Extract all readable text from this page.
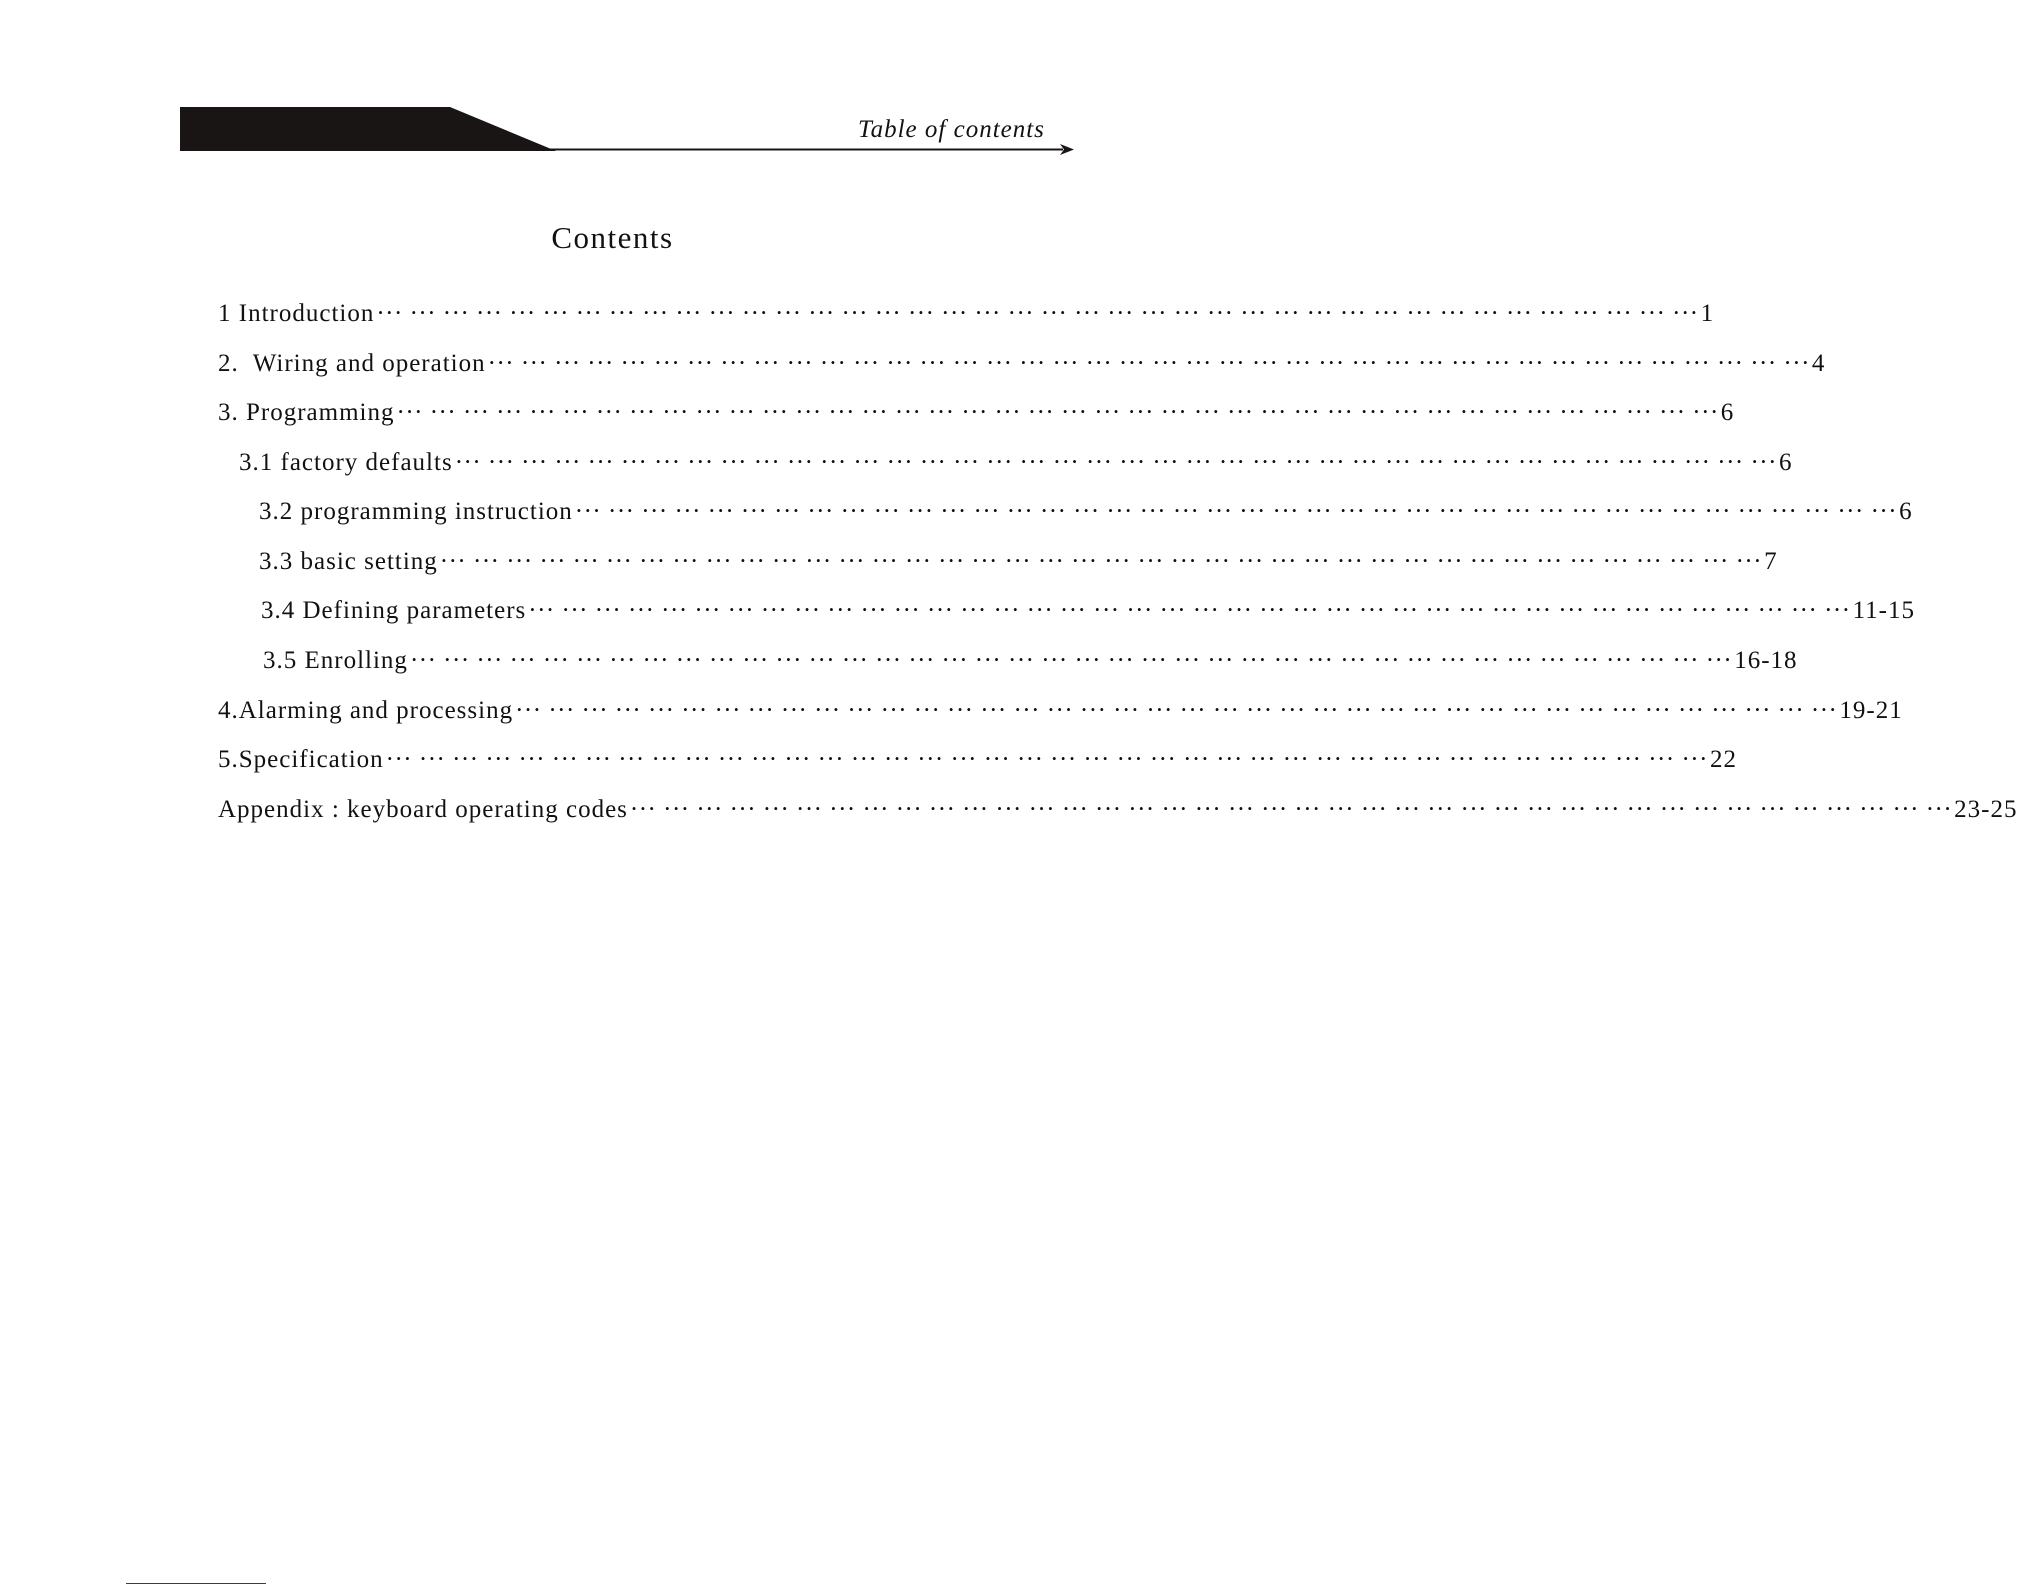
Table of contents
Contents
1 Introduction ··· ··· ··· ··· ··· ··· ··· ··· ··· ··· ··· ··· ··· ··· ··· ··· ··· ··· ··· ··· ··· ··· ··· ··· ··· ··· ··· ··· ··· ··· ··· ··· ··· ··· ··· ··· ··· ··· ··· ··· 1
2.  Wiring and operation ··· ··· ··· ··· ··· ··· ··· ··· ··· ··· ··· ··· ··· ··· ··· ··· ··· ··· ··· ··· ··· ··· ··· ··· ··· ··· ··· ··· ··· ··· ··· ··· ··· ··· ··· ··· ··· ··· ··· ··· 4
3. Programming ··· ··· ··· ··· ··· ··· ··· ··· ··· ··· ··· ··· ··· ··· ··· ··· ··· ··· ··· ··· ··· ··· ··· ··· ··· ··· ··· ··· ··· ··· ··· ··· ··· ··· ··· ··· ··· ··· ··· ··· 6
3.1 factory defaults ··· ··· ··· ··· ··· ··· ··· ··· ··· ··· ··· ··· ··· ··· ··· ··· ··· ··· ··· ··· ··· ··· ··· ··· ··· ··· ··· ··· ··· ··· ··· ··· ··· ··· ··· ··· ··· ··· ··· ··· 6
3.2 programming instruction ··· ··· ··· ··· ··· ··· ··· ··· ··· ··· ··· ··· ··· ··· ··· ··· ··· ··· ··· ··· ··· ··· ··· ··· ··· ··· ··· ··· ··· ··· ··· ··· ··· ··· ··· ··· ··· ··· ··· ··· 6
3.3 basic setting ··· ··· ··· ··· ··· ··· ··· ··· ··· ··· ··· ··· ··· ··· ··· ··· ··· ··· ··· ··· ··· ··· ··· ··· ··· ··· ··· ··· ··· ··· ··· ··· ··· ··· ··· ··· ··· ··· ··· ··· 7
3.4 Defining parameters ··· ··· ··· ··· ··· ··· ··· ··· ··· ··· ··· ··· ··· ··· ··· ··· ··· ··· ··· ··· ··· ··· ··· ··· ··· ··· ··· ··· ··· ··· ··· ··· ··· ··· ··· ··· ··· ··· ··· ··· 11-15
3.5 Enrolling ··· ··· ··· ··· ··· ··· ··· ··· ··· ··· ··· ··· ··· ··· ··· ··· ··· ··· ··· ··· ··· ··· ··· ··· ··· ··· ··· ··· ··· ··· ··· ··· ··· ··· ··· ··· ··· ··· ··· ··· 16-18
4.Alarming and processing ··· ··· ··· ··· ··· ··· ··· ··· ··· ··· ··· ··· ··· ··· ··· ··· ··· ··· ··· ··· ··· ··· ··· ··· ··· ··· ··· ··· ··· ··· ··· ··· ··· ··· ··· ··· ··· ··· ··· ··· 19-21
5.Specification ··· ··· ··· ··· ··· ··· ··· ··· ··· ··· ··· ··· ··· ··· ··· ··· ··· ··· ··· ··· ··· ··· ··· ··· ··· ··· ··· ··· ··· ··· ··· ··· ··· ··· ··· ··· ··· ··· ··· ··· 22
Appendix : keyboard operating codes ··· ··· ··· ··· ··· ··· ··· ··· ··· ··· ··· ··· ··· ··· ··· ··· ··· ··· ··· ··· ··· ··· ··· ··· ··· ··· ··· ··· ··· ··· ··· ··· ··· ··· ··· ··· ··· ··· ··· ··· 23-25
